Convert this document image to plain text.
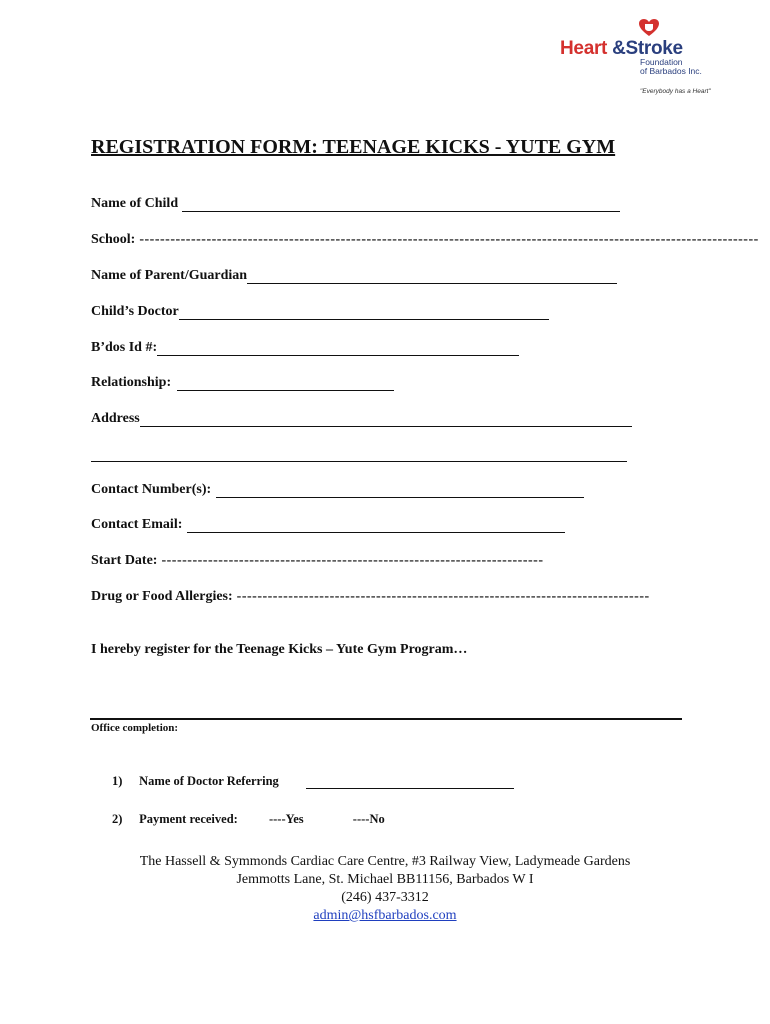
Heart &Stroke
Foundation
of Barbados Inc.
"Everybody has a Heart"
REGISTRATION FORM: TEENAGE KICKS - YUTE GYM
Name of Child
School: ------------------------------------------------------------------------------------------------------------------------
Name of Parent/Guardian
Child’s Doctor
B’dos Id #:
Relationship:
Address
Contact Number(s):
Contact Email:
Start Date: --------------------------------------------------------------------------
Drug or Food Allergies: --------------------------------------------------------------------------------
I hereby register for the Teenage Kicks – Yute Gym Program…
Office completion:
1) Name of Doctor Referring
2) Payment received: ----Yes	----No
The Hassell & Symmonds Cardiac Care Centre, #3 Railway View, Ladymeade Gardens
Jemmotts Lane, St. Michael BB11156, Barbados W I
(246) 437-3312
admin@hsfbarbados.com
